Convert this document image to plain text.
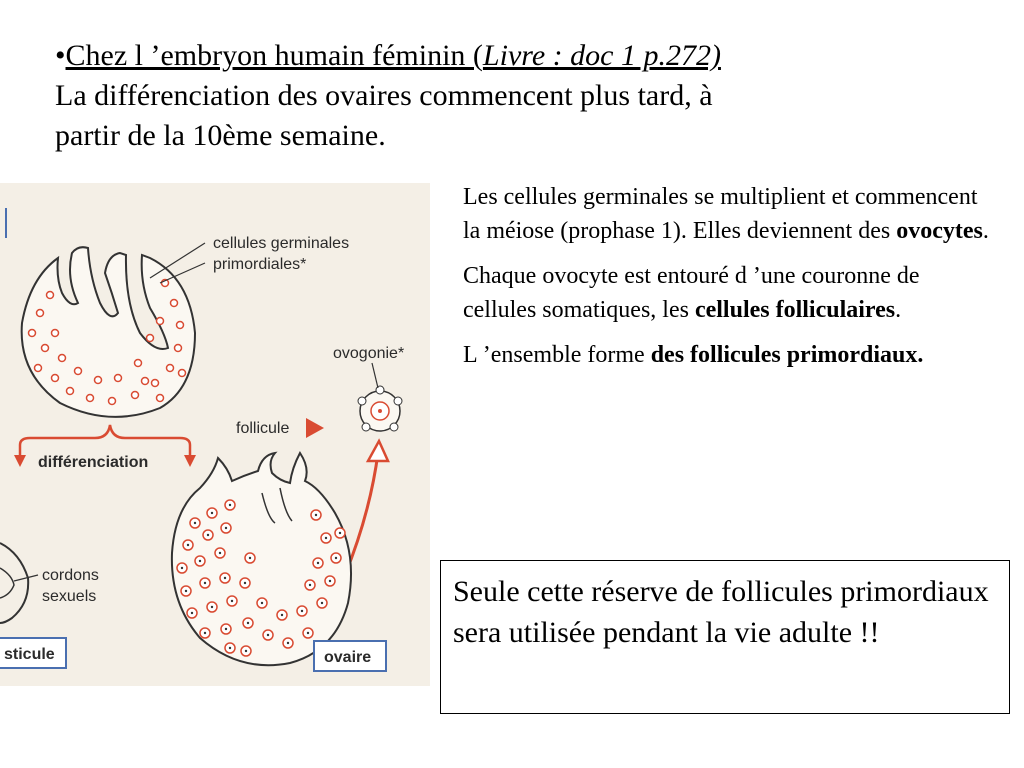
•Chez l ’embryon humain féminin (Livre : doc 1 p.272)
La différenciation des ovaires commencent plus tard, à
partir de la 10ème semaine.
cellules germinales
primordiales*
différenciation
ovogonie*
follicule
cordons
sexuels
sticule	ovaire

Les cellules germinales se multiplient et commencent la méiose (prophase 1). Elles deviennent des ovocytes.

Chaque ovocyte est entouré d ’une couronne de cellules somatiques, les cellules folliculaires.

L ’ensemble forme des follicules primordiaux.

Seule cette réserve de follicules primordiaux sera utilisée pendant la vie adulte !!
